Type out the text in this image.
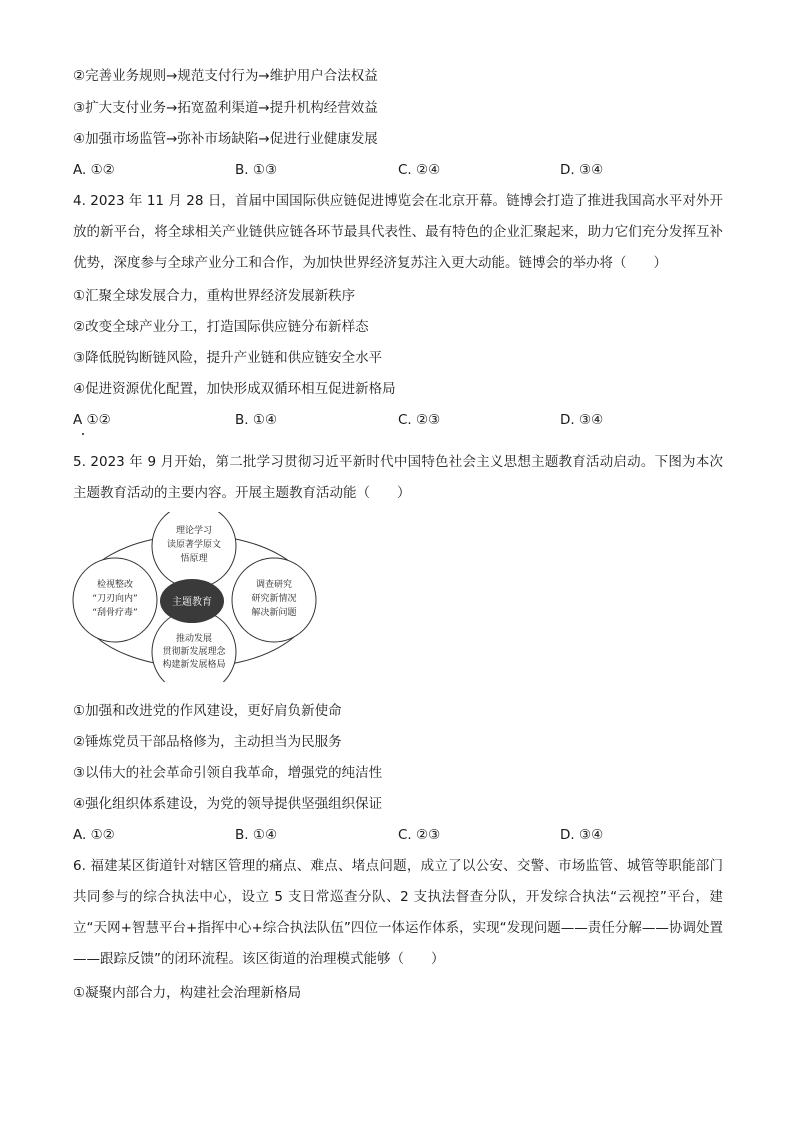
②完善业务规则→规范支付行为→维护用户合法权益
③扩大支付业务→拓宽盈利渠道→提升机构经营效益
④加强市场监管→弥补市场缺陷→促进行业健康发展
A. ①②	B. ①③	C. ②④	D. ③④
4. 2023 年 11 月 28 日，首届中国国际供应链促进博览会在北京开幕。链博会打造了推进我国高水平对外开放的新平台，将全球相关产业链供应链各环节最具代表性、最有特色的企业汇聚起来，助力它们充分发挥互补优势，深度参与全球产业分工和合作，为加快世界经济复苏注入更大动能。链博会的举办将（　　）
①汇聚全球发展合力，重构世界经济发展新秩序
②改变全球产业分工，打造国际供应链分布新样态
③降低脱钩断链风险，提升产业链和供应链安全水平
④促进资源优化配置，加快形成双循环相互促进新格局
A ①②	B. ①④	C. ②③	D. ③④
5. 2023 年 9 月开始，第二批学习贯彻习近平新时代中国特色社会主义思想主题教育活动启动。下图为本次主题教育活动的主要内容。开展主题教育活动能（　　）
主题教育
理论学习
读原著学原文
悟原理
调查研究
研究新情况
解决新问题
推动发展
贯彻新发展理念
构建新发展格局
检视整改
“刀刃向内”
“刮骨疗毒”
①加强和改进党的作风建设，更好肩负新使命
②锤炼党员干部品格修为，主动担当为民服务
③以伟大的社会革命引领自我革命，增强党的纯洁性
④强化组织体系建设，为党的领导提供坚强组织保证
A. ①②	B. ①④	C. ②③	D. ③④
6. 福建某区街道针对辖区管理的痛点、难点、堵点问题，成立了以公安、交警、市场监管、城管等职能部门共同参与的综合执法中心，设立 5 支日常巡查分队、2 支执法督查分队，开发综合执法“云视控”平台，建立“天网+智慧平台+指挥中心+综合执法队伍”四位一体运作体系，实现“发现问题——责任分解——协调处置——跟踪反馈”的闭环流程。该区街道的治理模式能够（　　）
①凝聚内部合力，构建社会治理新格局
